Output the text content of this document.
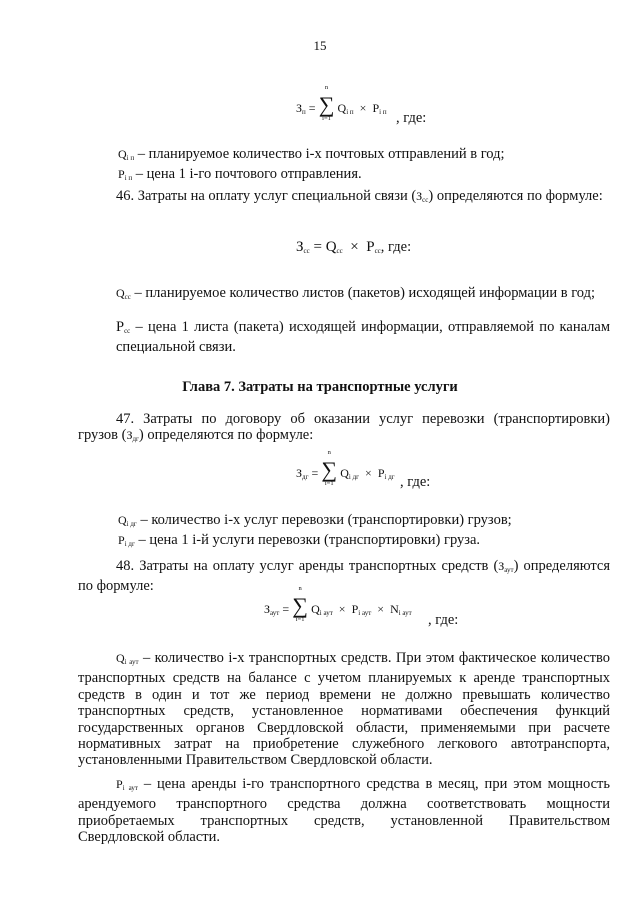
15
Зп =
n
∑
i=1
Qi п × Pi п , где:
Qi п – планируемое количество i-х почтовых отправлений в год;
Pi п – цена 1 i-го почтового отправления.
46. Затраты на оплату услуг специальной связи (Зсс) определяются по формуле:
Зсс = Qсс × Pсс, где:
Qсс – планируемое количество листов (пакетов) исходящей информации в год;
Pсс – цена 1 листа (пакета) исходящей информации, отправляемой по каналам специальной связи.
Глава 7. Затраты на транспортные услуги
47. Затраты по договору об оказании услуг перевозки (транспортировки) грузов (Здг) определяются по формуле:
Здг =
n
∑
i=1
Qi дг × Pi дг , где:
Qi дг – количество i-х услуг перевозки (транспортировки) грузов;
Pi дг – цена 1 i-й услуги перевозки (транспортировки) груза.
48. Затраты на оплату услуг аренды транспортных средств (Заут) определяются по формуле:
Заут =
n
∑
i=1
Qi аут × Pi аут × Ni аут , где:
Qi аут – количество i-х транспортных средств. При этом фактическое количество транспортных средств на балансе с учетом планируемых к аренде транспортных средств в один и тот же период времени не должно превышать количество транспортных средств, установленное нормативами обеспечения функций государственных органов Свердловской области, применяемыми при расчете нормативных затрат на приобретение служебного легкового автотранспорта, установленными Правительством Свердловской области.
Pi аут – цена аренды i-го транспортного средства в месяц, при этом мощность арендуемого транспортного средства должна соответствовать мощности приобретаемых транспортных средств, установленной Правительством Свердловской области.
